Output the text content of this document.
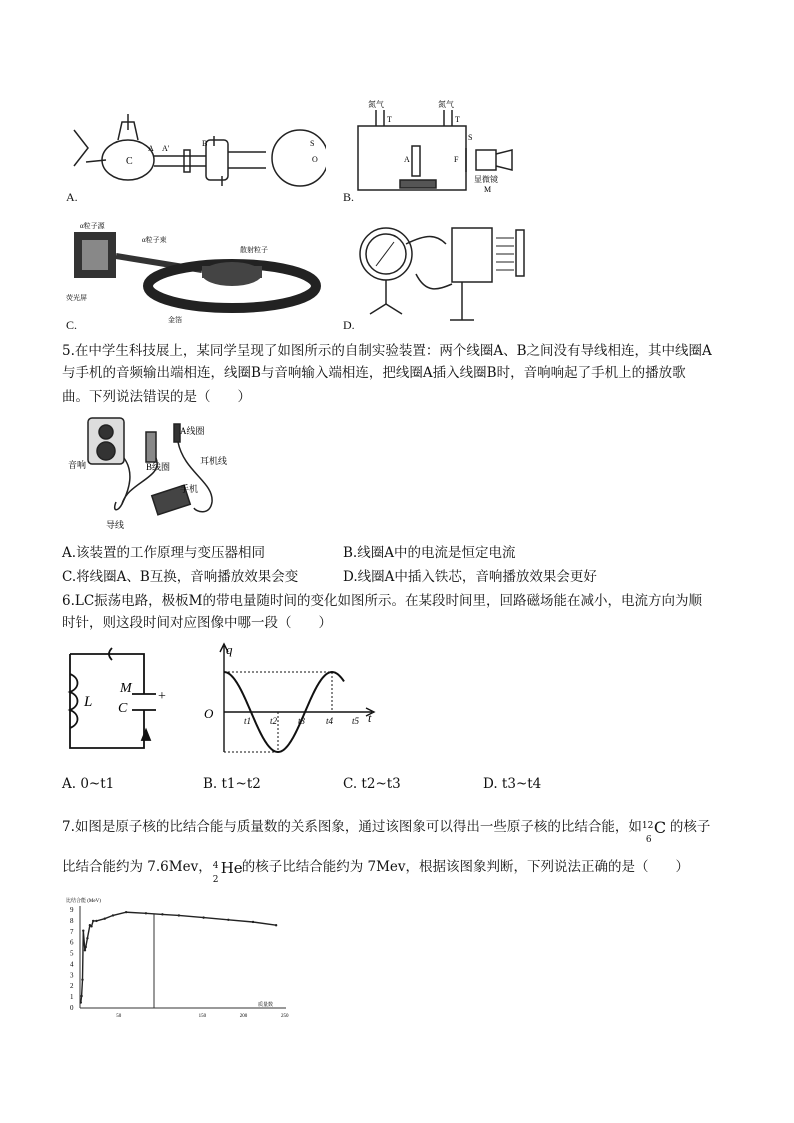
C
A A'
B	S
O
A.
氮气	氮气
T	T
S
A	F
显微镜
M
B.
α粒子源
α粒子束
散射粒子
荧光屏
金箔
C.	D.
5.在中学生科技展上，某同学呈现了如图所示的自制实验装置：两个线圈A、B之间没有导线相连，其中线圈A
与手机的音频输出端相连，线圈B与音响输入端相连，把线圈A插入线圈B时，音响响起了手机上的播放歌
曲。下列说法错误的是（　　）
音响	B线圈
A线圈
耳机线
手机
导线
A.该装置的工作原理与变压器相同	B.线圈A中的电流是恒定电流
C.将线圈A、B互换，音响播放效果会变	D.线圈A中插入铁芯，音响播放效果会更好
6.LC振荡电路，极板M的带电量随时间的变化如图所示。在某段时间里，回路磁场能在减小，电流方向为顺
时针，则这段时间对应图像中哪一段（　　）
L
M
C
+
q
O	t
t1 t2 t3 t4 t5
A. 0~t1	B. t1~t2	C. t2~t3	D. t3~t4
7.如图是原子核的比结合能与质量数的关系图象，通过该图象可以得出一些原子核的比结合能，如 12
6
C 的核子
比结合能约为 7.6Mev， 4
2
He 的核子比结合能约为 7Mev，根据该图象判断，下列说法正确的是（　　）
0
1
2
3
4
5
6
7
8
9
50	150	200	250
比结合能 (MeV)
质量数
